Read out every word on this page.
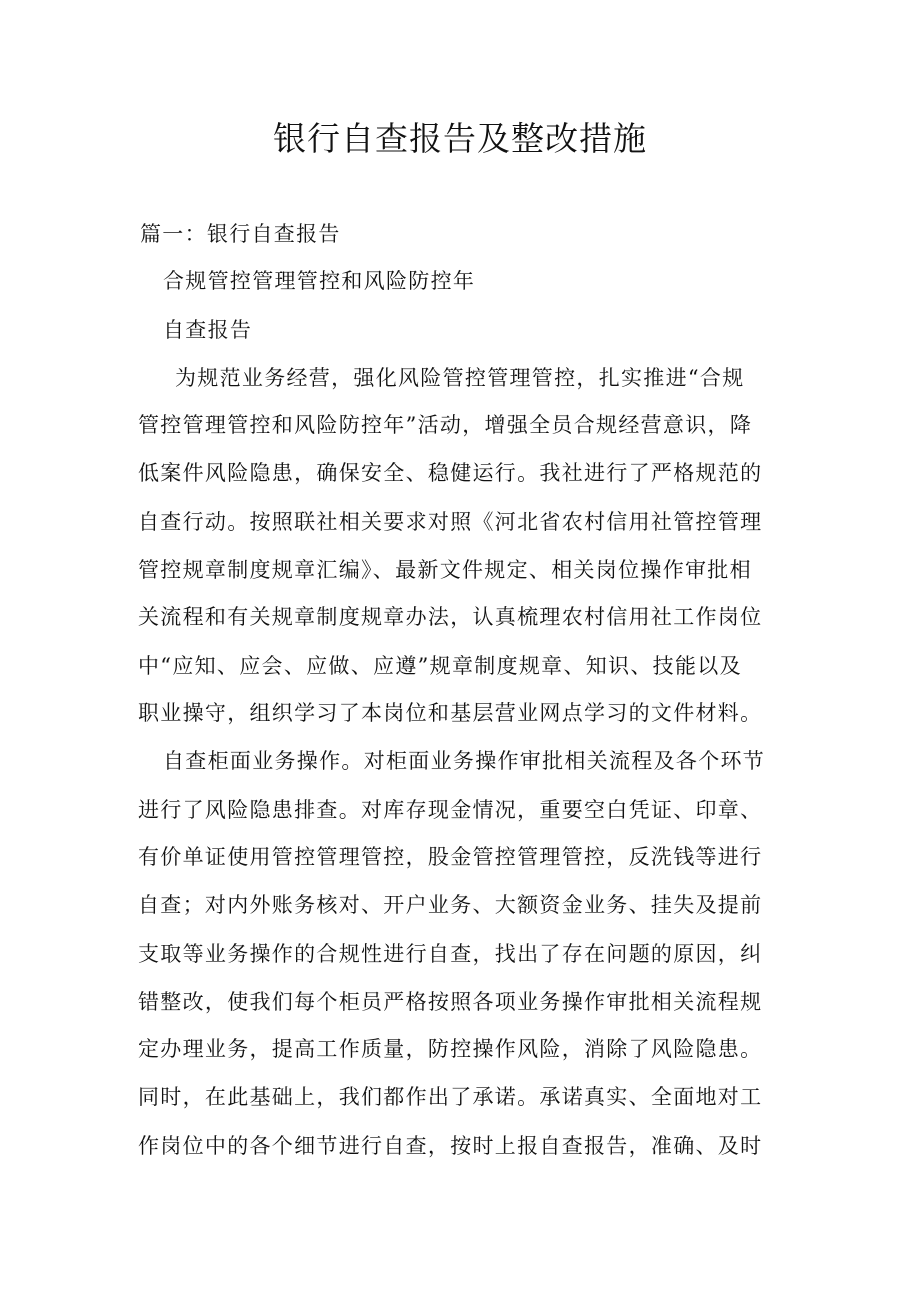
银行自查报告及整改措施
篇一：银行自查报告
合规管控管理管控和风险防控年
自查报告
为规范业务经营，强化风险管控管理管控，扎实推进“合规
管控管理管控和风险防控年”活动，增强全员合规经营意识，降
低案件风险隐患，确保安全、稳健运行。我社进行了严格规范的
自查行动。按照联社相关要求对照《河北省农村信用社管控管理
管控规章制度规章汇编》、最新文件规定、相关岗位操作审批相
关流程和有关规章制度规章办法，认真梳理农村信用社工作岗位
中“应知、应会、应做、应遵”规章制度规章、知识、技能以及
职业操守，组织学习了本岗位和基层营业网点学习的文件材料。
自查柜面业务操作。对柜面业务操作审批相关流程及各个环节
进行了风险隐患排查。对库存现金情况，重要空白凭证、印章、
有价单证使用管控管理管控，股金管控管理管控，反洗钱等进行
自查；对内外账务核对、开户业务、大额资金业务、挂失及提前
支取等业务操作的合规性进行自查，找出了存在问题的原因，纠
错整改，使我们每个柜员严格按照各项业务操作审批相关流程规
定办理业务，提高工作质量，防控操作风险，消除了风险隐患。
同时，在此基础上，我们都作出了承诺。承诺真实、全面地对工
作岗位中的各个细节进行自查，按时上报自查报告，准确、及时
